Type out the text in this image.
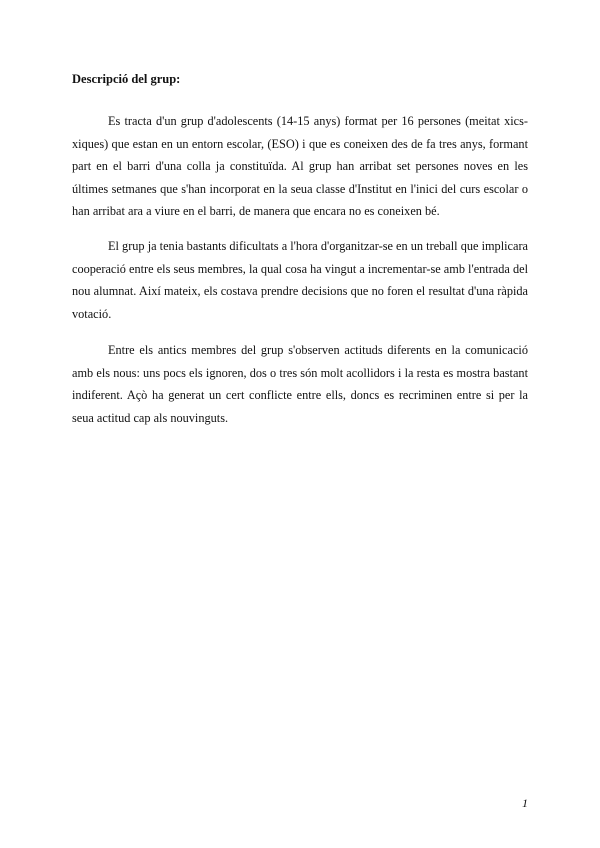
Descripció del grup:

Es tracta d'un grup d'adolescents (14-15 anys) format per 16 persones (meitat xics-xiques) que estan en un entorn escolar, (ESO) i que es coneixen des de fa tres anys, formant part en el barri d'una colla ja constituïda. Al grup han arribat set persones noves en les últimes setmanes que s'han incorporat en la seua classe d'Institut en l'inici del curs escolar o han arribat ara a viure en el barri, de manera que encara no es coneixen bé.

El grup ja tenia bastants dificultats a l'hora d'organitzar-se en un treball que implicara cooperació entre els seus membres, la qual cosa ha vingut a incrementar-se amb l'entrada del nou alumnat. Així mateix, els costava prendre decisions que no foren el resultat d'una ràpida votació.

Entre els antics membres del grup s'observen actituds diferents en la comunicació amb els nous: uns pocs els ignoren, dos o tres són molt acollidors i la resta es mostra bastant indiferent. Açò ha generat un cert conflicte entre ells, doncs es recriminen entre si per la seua actitud cap als nouvinguts.

1
